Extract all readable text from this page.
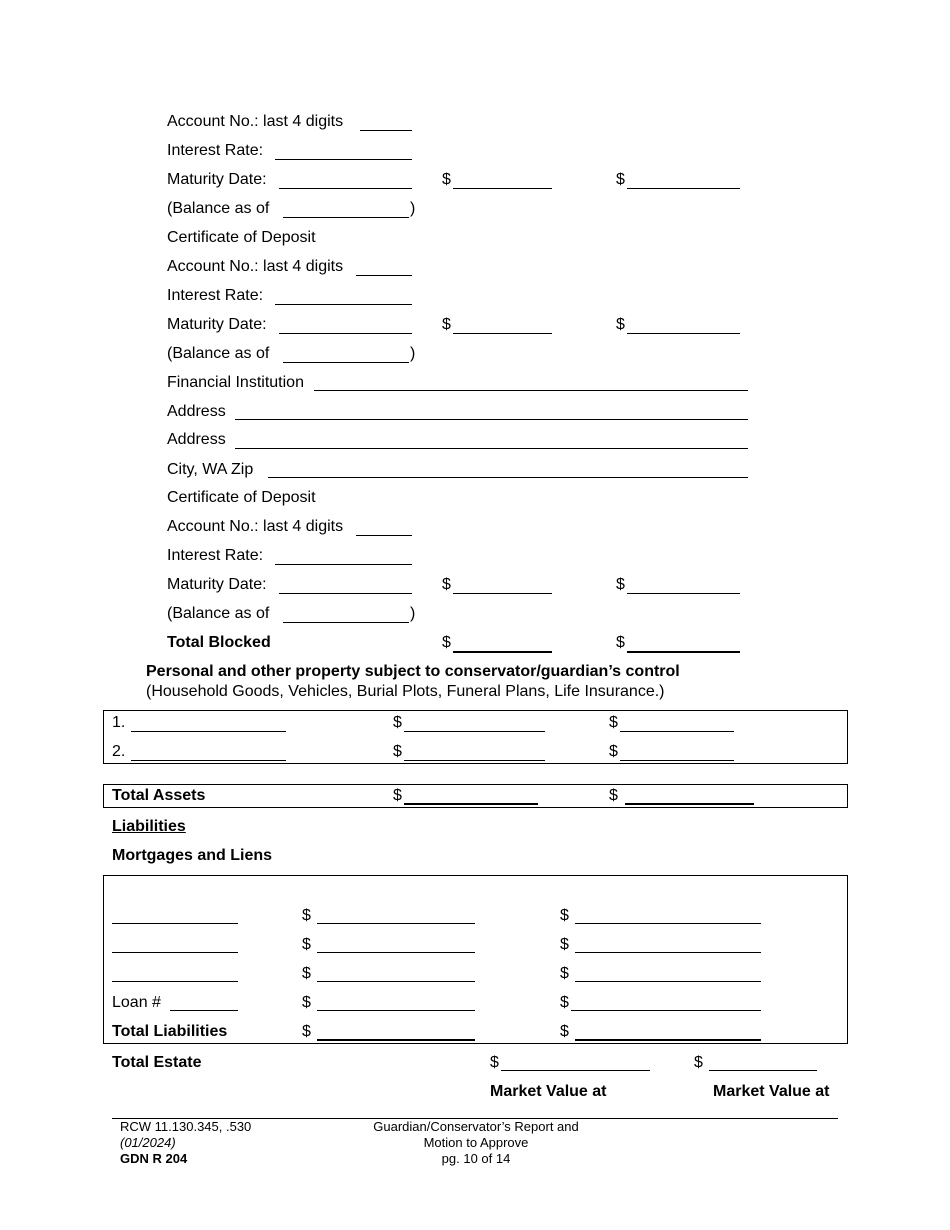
Account No.: last 4 digits
Interest Rate:
Maturity Date:	$	$
(Balance as of	)
Certificate of Deposit
Account No.: last 4 digits
Interest Rate:
Maturity Date:	$	$
(Balance as of	)
Financial Institution
Address
Address
City, WA Zip
Certificate of Deposit
Account No.: last 4 digits
Interest Rate:
Maturity Date:	$	$
(Balance as of	)
Total Blocked	$	$
Personal and other property subject to conservator/guardian’s control
(Household Goods, Vehicles, Burial Plots, Funeral Plans, Life Insurance.)
1.	$	$
2.	$	$
Total Assets	$	$
Liabilities
Mortgages and Liens
$	$
$	$
$	$
Loan #	$	$
Total Liabilities	$	$
Total Estate	$	$
Market Value at	Market Value at
RCW 11.130.345, .530
(01/2024)
GDN R 204
Guardian/Conservator’s Report and
Motion to Approve
pg. 10 of 14
